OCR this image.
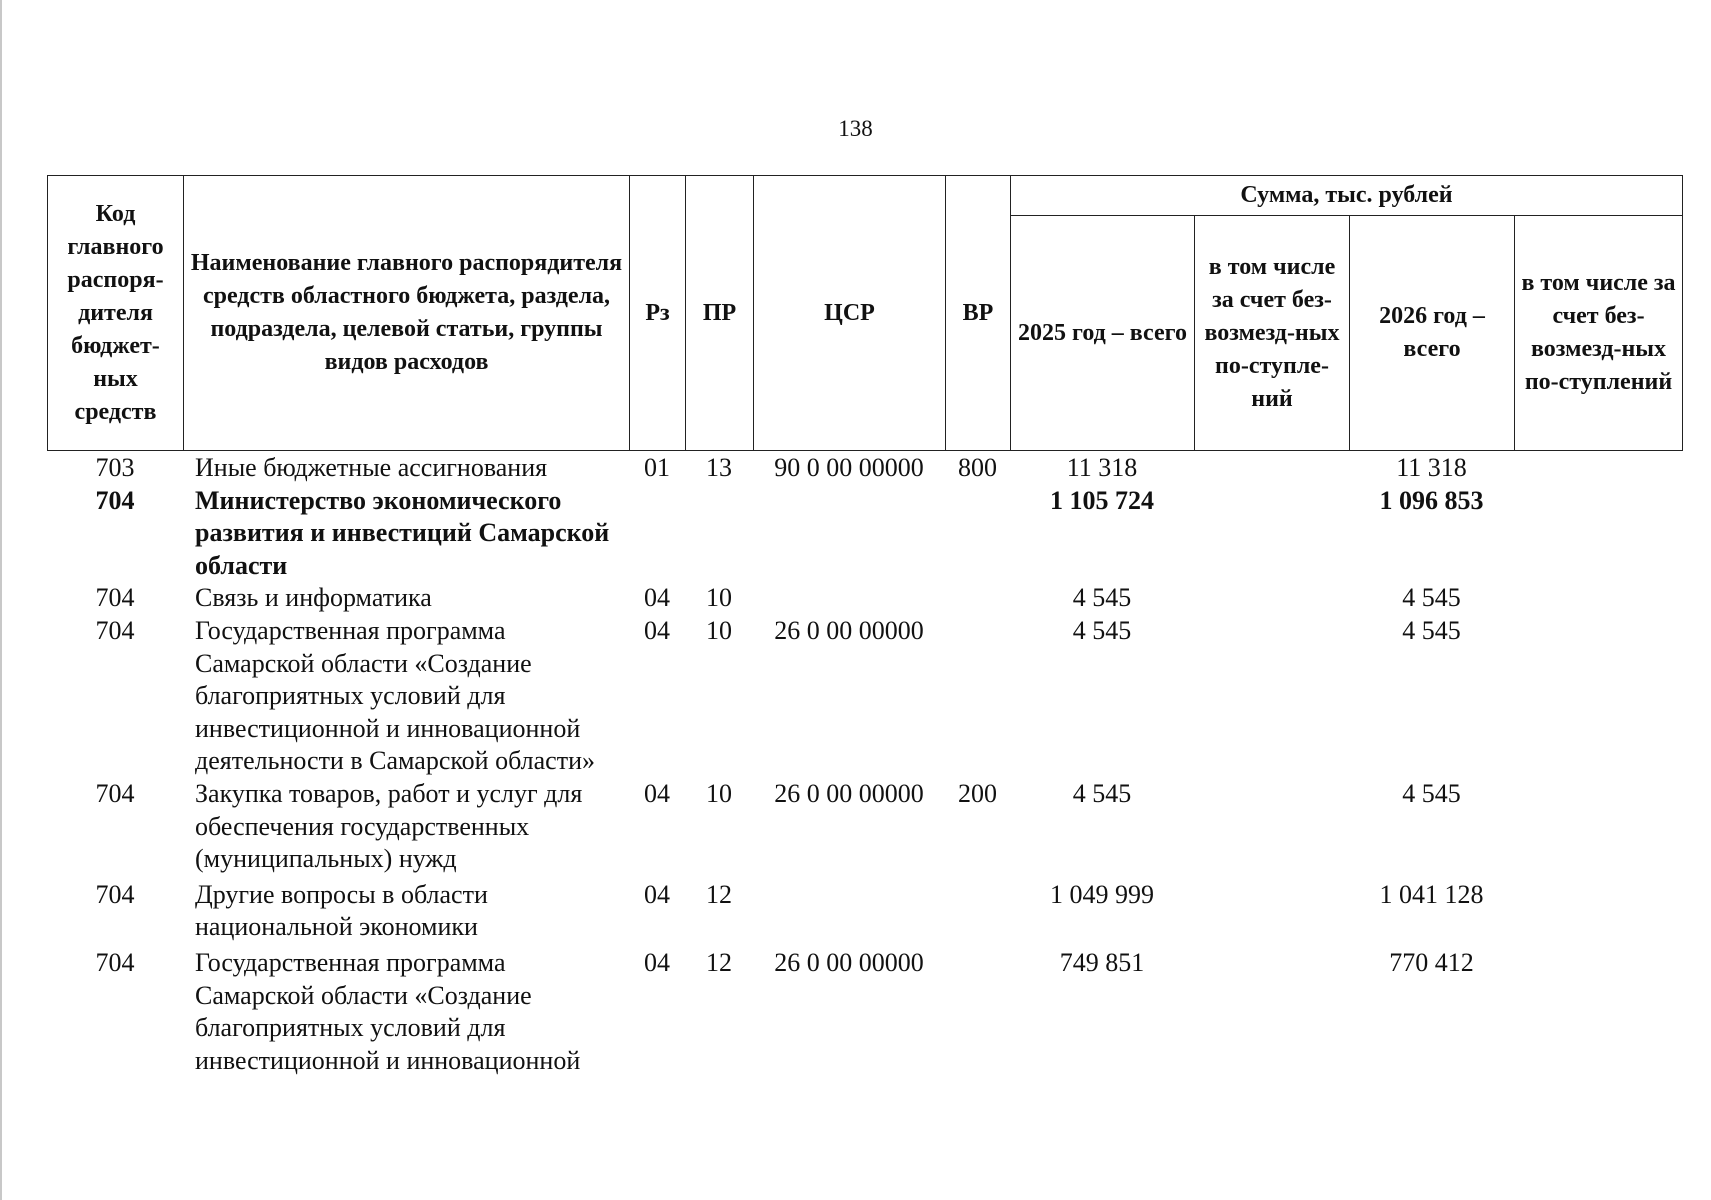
138
Код главного распоря-дителя бюджет-ных средств	Наименование главного распорядителя средств областного бюджета, раздела, подраздела, целевой статьи, группы видов расходов	Рз	ПР	ЦСР	ВР	Сумма, тыс. рублей			
						2025 год – всего	в том числе за счет без-возмезд-ных по-ступле-ний	2026 год – всего	в том числе за счет без-возмезд-ных по-ступлений
703	Иные бюджетные ассигнования	01	13	90 0 00 00000	800	11 318		11 318	
704	Министерство экономического развития и инвестиций Самарской области					1 105 724		1 096 853	
704	Связь и информатика	04	10			4 545		4 545	
704	Государственная программа Самарской области «Создание благоприятных условий для инвестиционной и инновационной деятельности в Самарской области»	04	10	26 0 00 00000		4 545		4 545	
704	Закупка товаров, работ и услуг для обеспечения государственных (муниципальных) нужд	04	10	26 0 00 00000	200	4 545		4 545	
704	Другие вопросы в области национальной экономики	04	12			1 049 999		1 041 128	
704	Государственная программа Самарской области «Создание благоприятных условий для инвестиционной и инновационной	04	12	26 0 00 00000		749 851		770 412	
